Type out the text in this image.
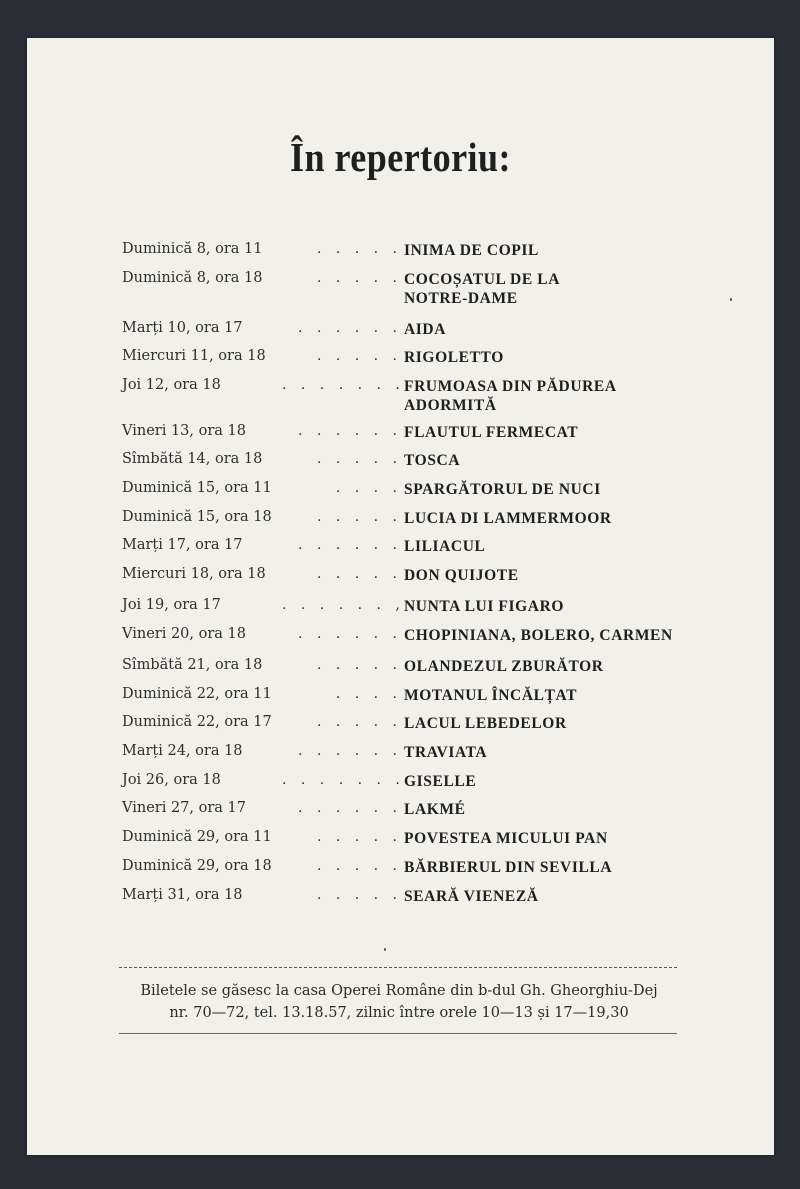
În repertoriu:
Duminică 8, ora 11	. . . . . INIMA DE COPIL
Duminică 8, ora 18	. . . . . COCOȘATUL DE LA
NOTRE-DAME
Marți 10, ora 17	. . . . . . AIDA
Miercuri 11, ora 18	. . . . . RIGOLETTO
Joi 12, ora 18	. . . . . . . FRUMOASA DIN PĂDUREA
ADORMITĂ
Vineri 13, ora 18	. . . . . . FLAUTUL FERMECAT
Sîmbătă 14, ora 18	. . . . . TOSCA
Duminică 15, ora 11	. . . . SPARGĂTORUL DE NUCI
Duminică 15, ora 18	. . . . . LUCIA DI LAMMERMOOR
Marți 17, ora 17	. . . . . . LILIACUL
Miercuri 18, ora 18	. . . . . DON QUIJOTE
Joi 19, ora 17	. . . . . . , NUNTA LUI FIGARO
Vineri 20, ora 18	. . . . . . CHOPINIANA, BOLERO, CARMEN
Sîmbătă 21, ora 18	. . . . . OLANDEZUL ZBURĂTOR
Duminică 22, ora 11	. . . . MOTANUL ÎNCĂLȚAT
Duminică 22, ora 17	. . . . . LACUL LEBEDELOR
Marți 24, ora 18	. . . . . . TRAVIATA
Joi 26, ora 18	. . . . . . . GISELLE
Vineri 27, ora 17	. . . . . . LAKMÉ
Duminică 29, ora 11	. . . . . POVESTEA MICULUI PAN
Duminică 29, ora 18	. . . . . BĂRBIERUL DIN SEVILLA
Marți 31, ora 18	. . . . . SEARĂ VIENEZĂ
Biletele se găsesc la casa Operei Române din b-dul Gh. Gheorghiu-Dej
nr. 70—72, tel. 13.18.57, zilnic între orele 10—13 și 17—19,30
